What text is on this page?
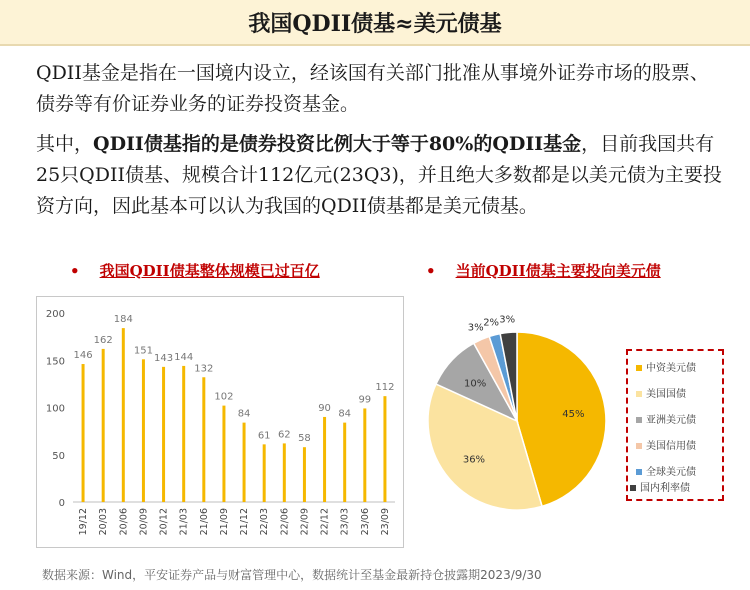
我国QDII债基≈美元债基
QDII基金是指在一国境内设立，经该国有关部门批准从事境外证券市场的股票、债券等有价证券业务的证券投资基金。
其中，QDII债基指的是债券投资比例大于等于80%的QDII基金，目前我国共有25只QDII债基、规模合计112亿元(23Q3)，并且绝大多数都是以美元债为主要投资方向，因此基本可以认为我国的QDII债基都是美元债基。
• 我国QDII债基整体规模已过百亿	• 当前QDII债基主要投向美元债
0
50
100
150
200
146
19/12
162
20/03
184
20/06
151
20/09
143
20/12
144
21/03
132
21/06
102
21/09
84
21/12
61
22/03
62
22/06
58
22/09
90
22/12
84
23/03
99
23/06
112
23/09
45%
36%
10%
3% 2% 3%
中资美元债
美国国债
亚洲美元债
美国信用债
全球美元债
国内利率债
数据来源：Wind，平安证券产品与财富管理中心，数据统计至基金最新持仓披露期2023/9/30
